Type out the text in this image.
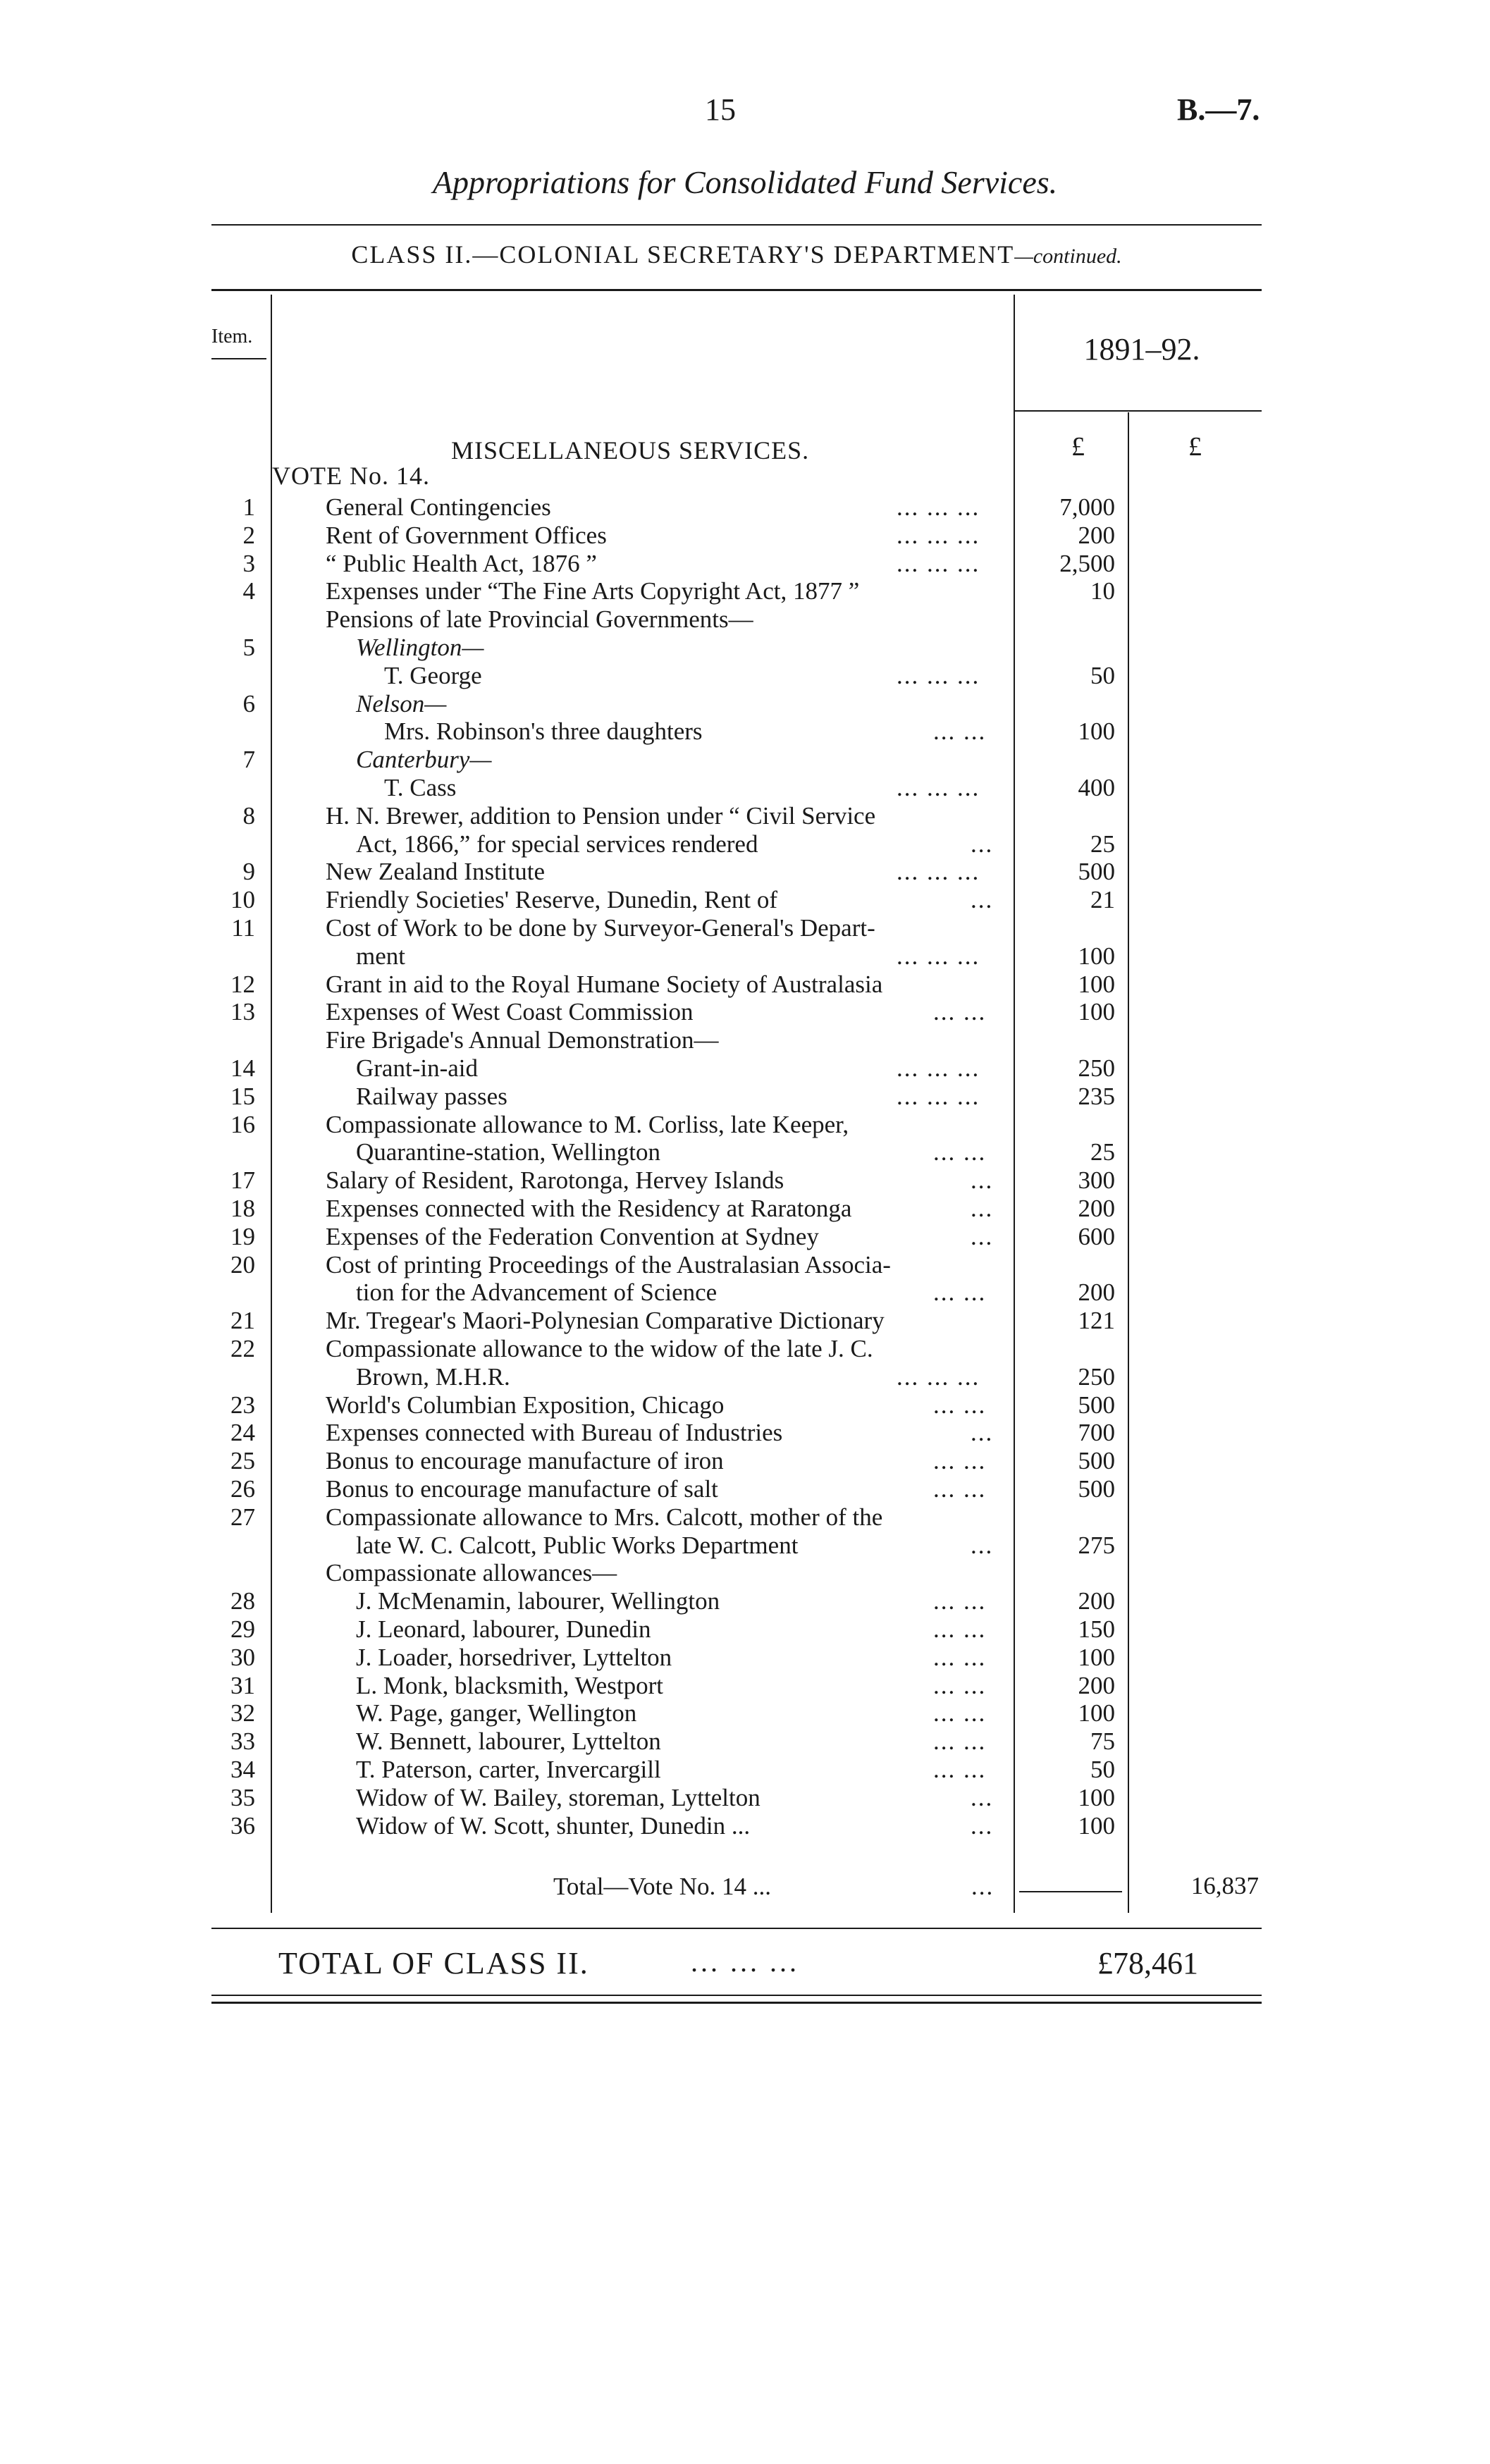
15	B.—7.
Appropriations for Consolidated Fund Services.
CLASS II.—COLONIAL SECRETARY'S DEPARTMENT—continued.
Item.	1891–92.
£	£
MISCELLANEOUS SERVICES.
VOTE No. 14.
1	General Contingencies	... ... ...	7,000
2	Rent of Government Offices	... ... ...	200
3	“ Public Health Act, 1876 ”	... ... ...	2,500
4	Expenses under “The Fine Arts Copyright Act, 1877 ”	10
Pensions of late Provincial Governments—
5	Wellington—
T. George	... ... ...	50
6	Nelson—
Mrs. Robinson's three daughters	... ...	100
7	Canterbury—
T. Cass	... ... ...	400
8	H. N. Brewer, addition to Pension under “ Civil Service
Act, 1866,” for special services rendered	...	25
9	New Zealand Institute	... ... ...	500
10	Friendly Societies' Reserve, Dunedin, Rent of	...	21
11	Cost of Work to be done by Surveyor-General's Depart-
ment	... ... ...	100
12	Grant in aid to the Royal Humane Society of Australasia	100
13	Expenses of West Coast Commission	... ...	100
Fire Brigade's Annual Demonstration—
14	Grant-in-aid	... ... ...	250
15	Railway passes	... ... ...	235
16	Compassionate allowance to M. Corliss, late Keeper,
Quarantine-station, Wellington	... ...	25
17	Salary of Resident, Rarotonga, Hervey Islands	...	300
18	Expenses connected with the Residency at Raratonga	...	200
19	Expenses of the Federation Convention at Sydney	...	600
20	Cost of printing Proceedings of the Australasian Associa-
tion for the Advancement of Science	... ...	200
21	Mr. Tregear's Maori-Polynesian Comparative Dictionary	121
22	Compassionate allowance to the widow of the late J. C.
Brown, M.H.R.	... ... ...	250
23	World's Columbian Exposition, Chicago	... ...	500
24	Expenses connected with Bureau of Industries	...	700
25	Bonus to encourage manufacture of iron	... ...	500
26	Bonus to encourage manufacture of salt	... ...	500
27	Compassionate allowance to Mrs. Calcott, mother of the
late W. C. Calcott, Public Works Department	...	275
Compassionate allowances—
28	J. McMenamin, labourer, Wellington	... ...	200
29	J. Leonard, labourer, Dunedin	... ...	150
30	J. Loader, horsedriver, Lyttelton	... ...	100
31	L. Monk, blacksmith, Westport	... ...	200
32	W. Page, ganger, Wellington	... ...	100
33	W. Bennett, labourer, Lyttelton	... ...	75
34	T. Paterson, carter, Invercargill	... ...	50
35	Widow of W. Bailey, storeman, Lyttelton	...	100
36	Widow of W. Scott, shunter, Dunedin ...	...	100
Total—Vote No. 14 ...	...	16,837
TOTAL OF CLASS II.	... ... ...	£78,461
